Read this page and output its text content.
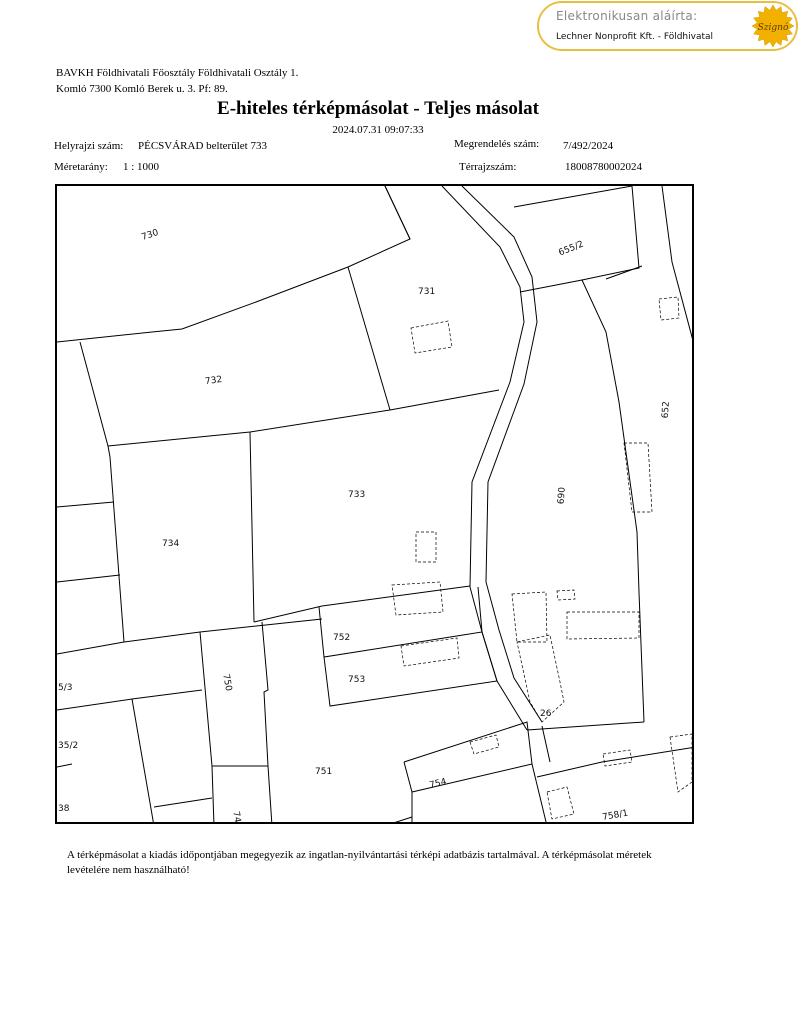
Elektronikusan aláírta:
Lechner Nonprofit Kft. - Földhivatal
Szignó
BAVKH Földhivatali Főosztály Földhivatali Osztály 1.
Komló 7300 Komló Berek u. 3. Pf: 89.
E-hiteles térképmásolat - Teljes másolat
2024.07.31 09:07:33
Helyrajzi szám: PÉCSVÁRAD belterület 733	Megrendelés szám: 7/492/2024
Méretarány: 1 : 1000	Térrajzszám:	18008780002024
730
731
655/2
732
733
734
652
690
752
753
750
5/3
35/2
751
754
26
758/1
74
38
A térképmásolat a kiadás időpontjában megegyezik az ingatlan-nyilvántartási térképi adatbázis tartalmával. A térképmásolat méretek levételére nem használható!
